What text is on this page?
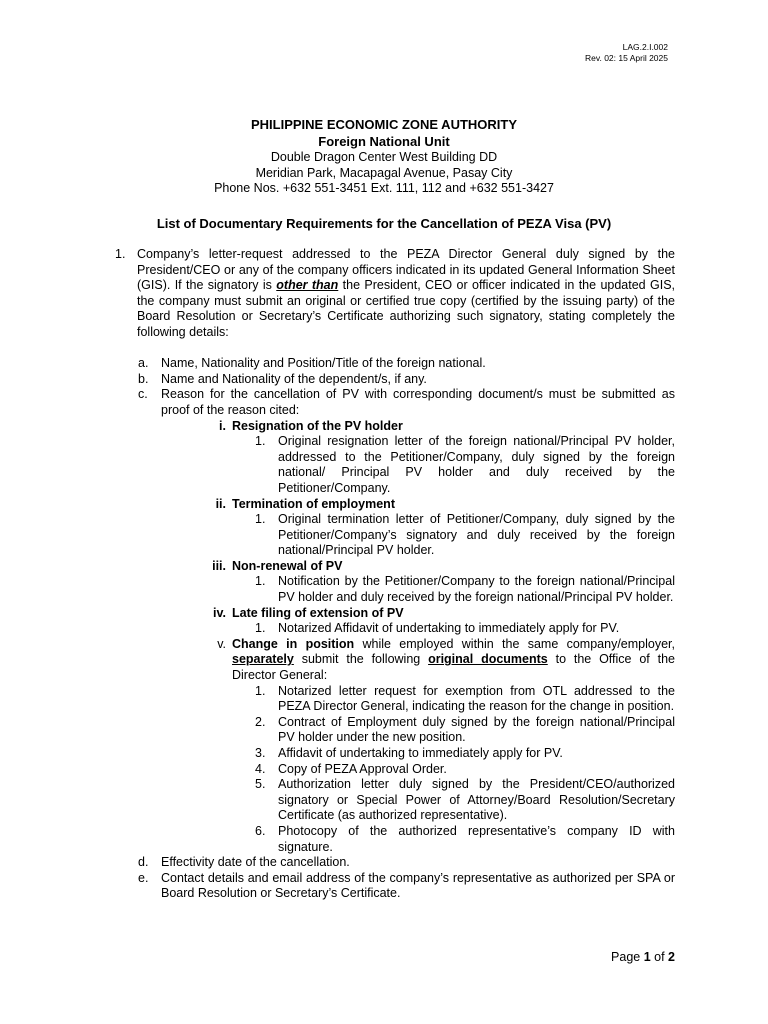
LAG.2.I.002
Rev. 02: 15 April 2025
PHILIPPINE ECONOMIC ZONE AUTHORITY
Foreign National Unit
Double Dragon Center West Building DD
Meridian Park, Macapagal Avenue, Pasay City
Phone Nos. +632 551-3451 Ext. 111, 112 and +632 551-3427
List of Documentary Requirements for the Cancellation of PEZA Visa (PV)
1. Company’s letter-request addressed to the PEZA Director General duly signed by the President/CEO or any of the company officers indicated in its updated General Information Sheet (GIS). If the signatory is other than the President, CEO or officer indicated in the updated GIS, the company must submit an original or certified true copy (certified by the issuing party) of the Board Resolution or Secretary’s Certificate authorizing such signatory, stating completely the following details:
a.	Name, Nationality and Position/Title of the foreign national.
b.	Name and Nationality of the dependent/s, if any.
c.	Reason for the cancellation of PV with corresponding document/s must be submitted as proof of the reason cited:
i. Resignation of the PV holder
1.	Original resignation letter of the foreign national/Principal PV holder, addressed to the Petitioner/Company, duly signed by the foreign national/ Principal PV holder and duly received by the Petitioner/Company.
ii. Termination of employment
1.	Original termination letter of Petitioner/Company, duly signed by the Petitioner/Company’s signatory and duly received by the foreign national/Principal PV holder.
iii. Non-renewal of PV
1.	Notification by the Petitioner/Company to the foreign national/Principal PV holder and duly received by the foreign national/Principal PV holder.
iv. Late filing of extension of PV
1.	Notarized Affidavit of undertaking to immediately apply for PV.
v. Change in position while employed within the same company/employer, separately submit the following original documents to the Office of the Director General:
1.	Notarized letter request for exemption from OTL addressed to the PEZA Director General, indicating the reason for the change in position.
2.	Contract of Employment duly signed by the foreign national/Principal PV holder under the new position.
3.	Affidavit of undertaking to immediately apply for PV.
4.	Copy of PEZA Approval Order.
5.	Authorization letter duly signed by the President/CEO/authorized signatory or Special Power of Attorney/Board Resolution/Secretary Certificate (as authorized representative).
6.	Photocopy of the authorized representative’s company ID with signature.
d.	Effectivity date of the cancellation.
e.	Contact details and email address of the company’s representative as authorized per SPA or Board Resolution or Secretary’s Certificate.
Page 1 of 2
